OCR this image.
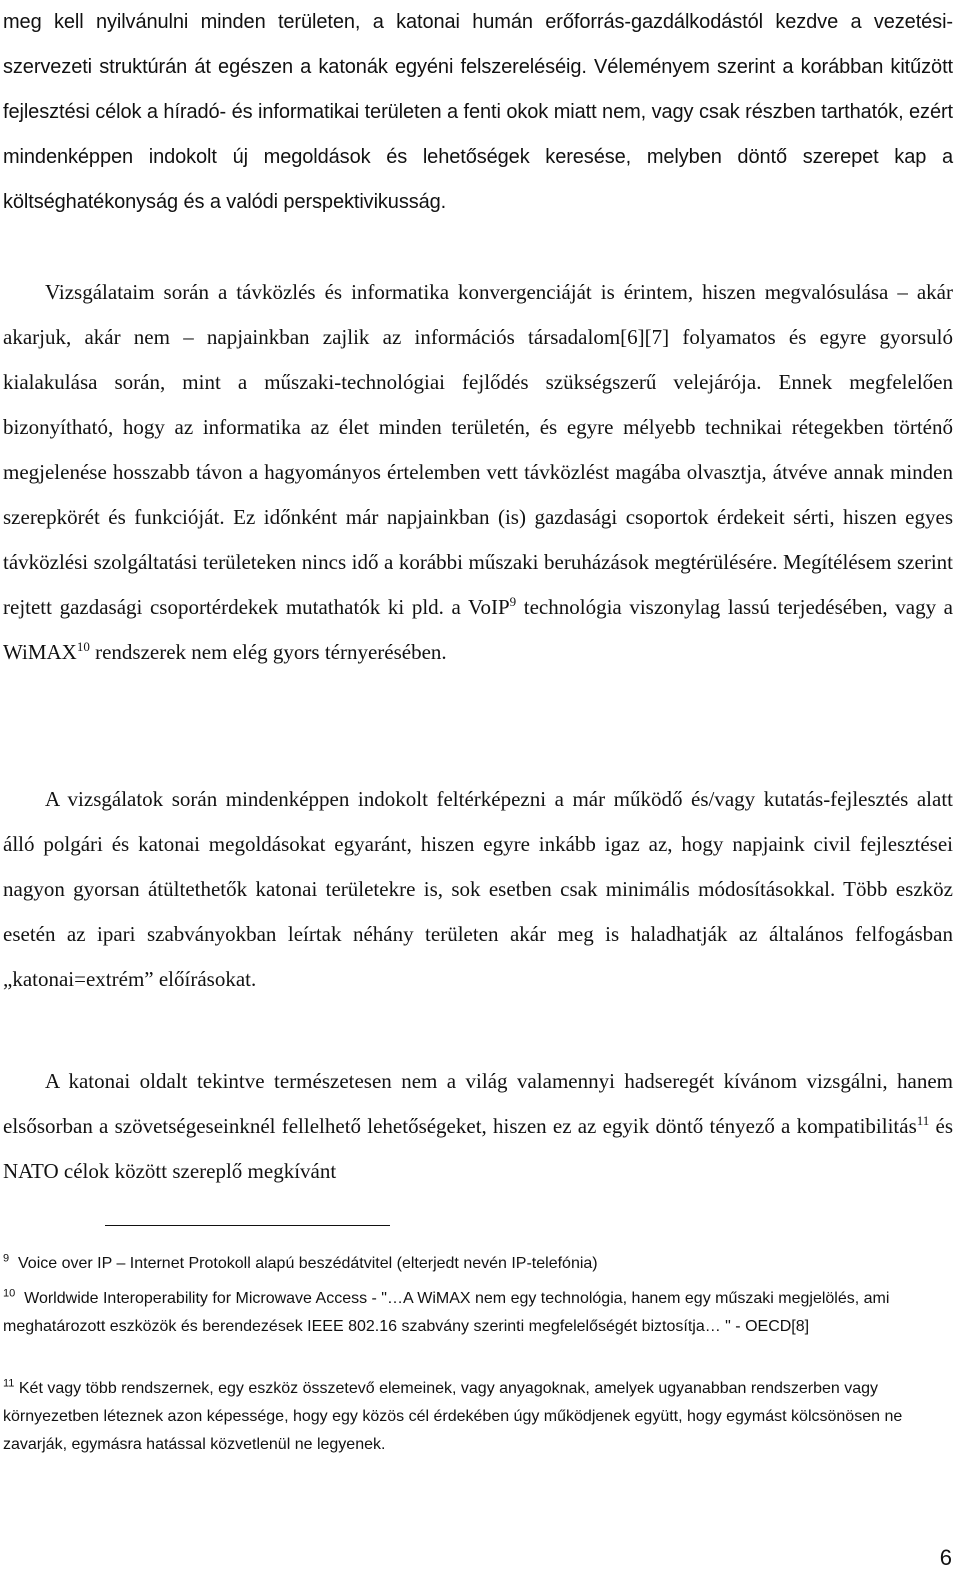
meg kell nyilvánulni minden területen, a katonai humán erőforrás-gazdálkodástól kezdve a vezetési- szervezeti struktúrán át egészen a katonák egyéni felszereléséig. Véleményem szerint a korábban kitűzött fejlesztési célok a híradó- és informatikai területen a fenti okok miatt nem, vagy csak részben tarthatók, ezért mindenképpen indokolt új megoldások és lehetőségek keresése, melyben döntő szerepet kap a költséghatékonyság és a valódi perspektivikusság.

Vizsgálataim során a távközlés és informatika konvergenciáját is érintem, hiszen megvalósulása – akár akarjuk, akár nem – napjainkban zajlik az információs társadalom[6][7] folyamatos és egyre gyorsuló kialakulása során, mint a műszaki-technológiai fejlődés szükségszerű velejárója. Ennek megfelelően bizonyítható, hogy az informatika az élet minden területén, és egyre mélyebb technikai rétegekben történő megjelenése hosszabb távon a hagyományos értelemben vett távközlést magába olvasztja, átvéve annak minden szerepkörét és funkcióját. Ez időnként már napjainkban (is) gazdasági csoportok érdekeit sérti, hiszen egyes távközlési szolgáltatási területeken nincs idő a korábbi műszaki beruházások megtérülésére. Megítélésem szerint rejtett gazdasági csoportérdekek mutathatók ki pld. a VoIP$^9$ technológia viszonylag lassú terjedésében, vagy a WiMAX$^{10}$ rendszerek nem elég gyors térnyerésében.

A vizsgálatok során mindenképpen indokolt feltérképezni a már működő és/vagy kutatás-fejlesztés alatt álló polgári és katonai megoldásokat egyaránt, hiszen egyre inkább igaz az, hogy napjaink civil fejlesztései nagyon gyorsan átültethetők katonai területekre is, sok esetben csak minimális módosításokkal. Több eszköz esetén az ipari szabványokban leírtak néhány területen akár meg is haladhatják az általános felfogásban „katonai=extrém” előírásokat.

A katonai oldalt tekintve természetesen nem a világ valamennyi hadseregét kívánom vizsgálni, hanem elsősorban a szövetségeseinknél fellelhető lehetőségeket, hiszen ez az egyik döntő tényező a kompatibilitás$^{11}$ és NATO célok között szereplő megkívánt

$^9$ Voice over IP – Internet Protokoll alapú beszédátvitel (elterjedt nevén IP-telefónia)

$^{10}$ Worldwide Interoperability for Microwave Access - "…A WiMAX nem egy technológia, hanem egy műszaki megjelölés, ami meghatározott eszközök és berendezések IEEE 802.16 szabvány szerinti megfelelőségét biztosítja… " - OECD[8]

$^{11}$ Két vagy több rendszernek, egy eszköz összetevő elemeinek, vagy anyagoknak, amelyek ugyanabban rendszerben vagy környezetben léteznek azon képessége, hogy egy közös cél érdekében úgy működjenek együtt, hogy egymást kölcsönösen ne zavarják, egymásra hatással közvetlenül ne legyenek.

6
